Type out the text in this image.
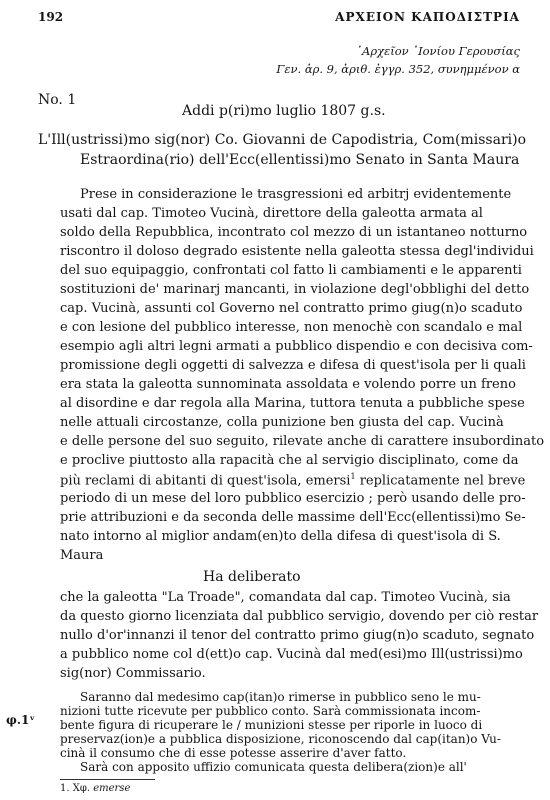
192	ΑΡΧΕΙΟΝ ΚΑΠΟΔΙΣΤΡΙΑ
᾽Αρχεῖον ᾽Ιονίου Γερουσίας
Γεν. ἀρ. 9, ἀριθ. ἐγγρ. 352, συνημμένον α
No. 1
Addi p(ri)mo luglio 1807 g.s.
L'Ill(ustrissi)mo sig(nor) Co. Giovanni de Capodistria, Com(missari)o
Estraordina(rio) dell'Ecc(ellentissi)mo Senato in Santa Maura
Prese in considerazione le trasgressioni ed arbitrj evidentemente
usati dal cap. Timoteo Vucinà, direttore della galeotta armata al
soldo della Repubblica, incontrato col mezzo di un istantaneo notturno
riscontro il doloso degrado esistente nella galeotta stessa degl'individui
del suo equipaggio, confrontati col fatto li cambiamenti e le apparenti
sostituzioni de' marinarj mancanti, in violazione degl'obblighi del detto
cap. Vucinà, assunti col Governo nel contratto primo giug(n)o scaduto
e con lesione del pubblico interesse, non menochè con scandalo e mal
esempio agli altri legni armati a pubblico dispendio e con decisiva com-
promissione degli oggetti di salvezza e difesa di quest'isola per li quali
era stata la galeotta sunnominata assoldata e volendo porre un freno
al disordine e dar regola alla Marina, tuttora tenuta a pubbliche spese
nelle attuali circostanze, colla punizione ben giusta del cap. Vucinà
e delle persone del suo seguito, rilevate anche di carattere insubordinato
e proclive piuttosto alla rapacità che al servigio disciplinato, come da
più reclami di abitanti di quest'isola, emersi$^1$ replicatamente nel breve
periodo di un mese del loro pubblico esercizio ; però usando delle pro-
prie attribuzioni e da seconda delle massime dell'Ecc(ellentissi)mo Se-
nato intorno al miglior andam(en)to della difesa di quest'isola di S.
Maura
Ha deliberato
che la galeotta "La Troade", comandata dal cap. Timoteo Vucinà, sia
da questo giorno licenziata dal pubblico servigio, dovendo per ciò restar
nullo d'or'innanzi il tenor del contratto primo giug(n)o scaduto, segnato
a pubblico nome col d(ett)o cap. Vucinà dal med(esi)mo Ill(ustrissi)mo
sig(nor) Commissario.
Saranno dal medesimo cap(itan)o rimerse in pubblico seno le mu-
nizioni tutte ricevute per pubblico conto. Sarà commissionata incom-
φ.1ᵛ bente figura di ricuperare le / munizioni stesse per riporle in luoco di
1. Χφ. emerse
preservaz(ion)e a pubblica disposizione, riconoscendo dal cap(itan)o Vu-
cinà il consumo che di esse potesse asserire d'aver fatto.
Sarà con apposito uffizio comunicata questa delibera(zion)e all'
